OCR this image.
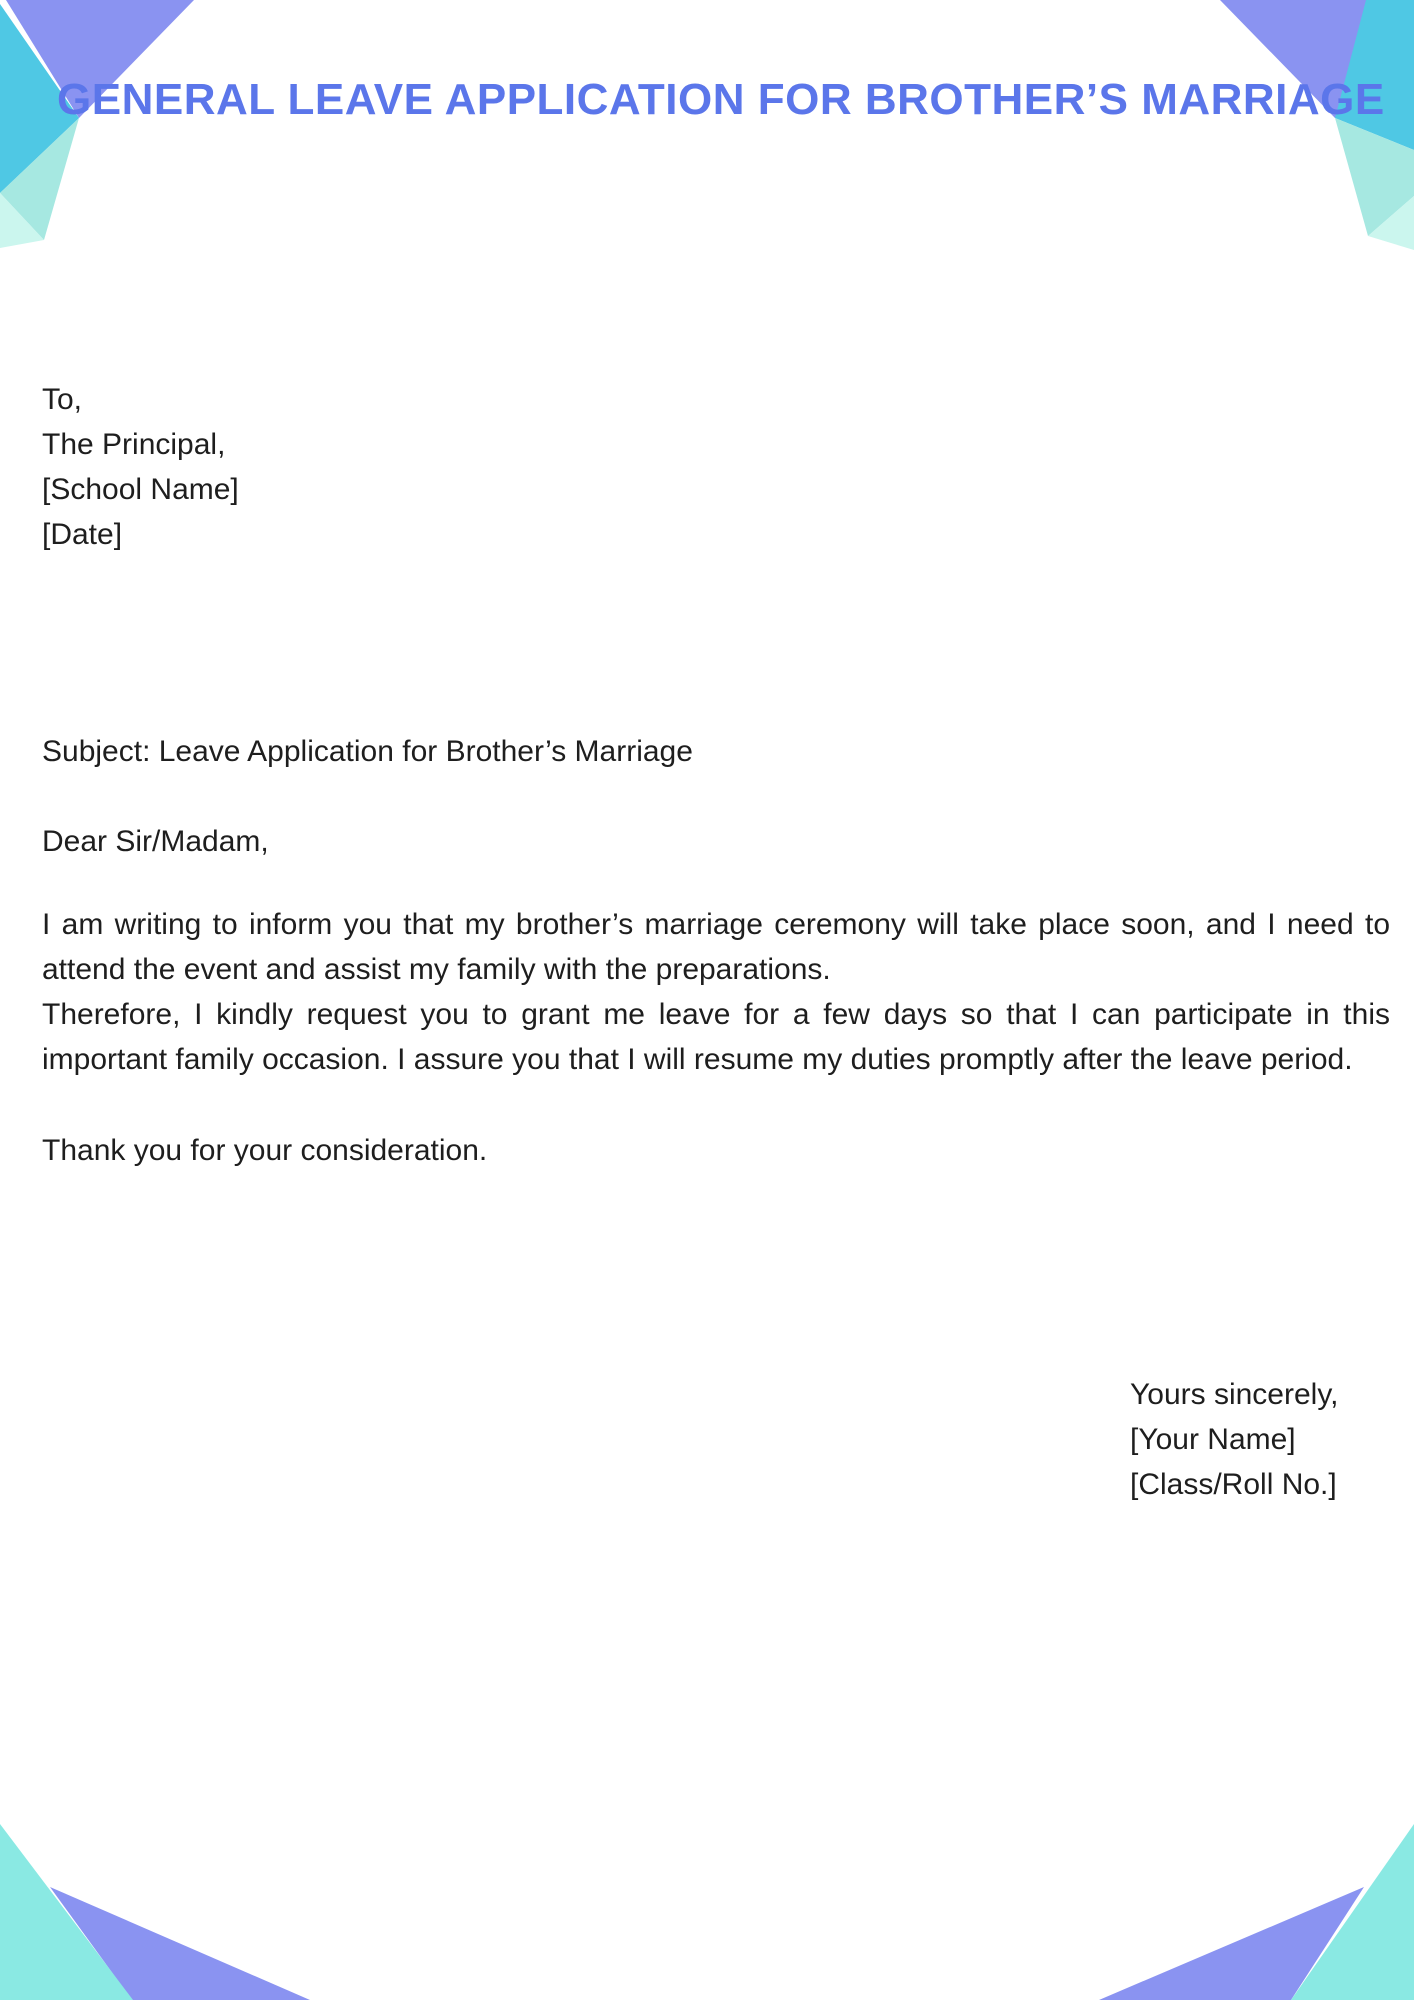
GENERAL LEAVE APPLICATION FOR BROTHER’S MARRIAGE
To,
The Principal,
[School Name]
[Date]
Subject: Leave Application for Brother’s Marriage
Dear Sir/Madam,

I am writing to inform you that my brother’s marriage ceremony will take place soon, and I need to attend the event and assist my family with the preparations.

Therefore, I kindly request you to grant me leave for a few days so that I can participate in this important family occasion. I assure you that I will resume my duties promptly after the leave period.

Thank you for your consideration.
Yours sincerely,
[Your Name]
[Class/Roll No.]
